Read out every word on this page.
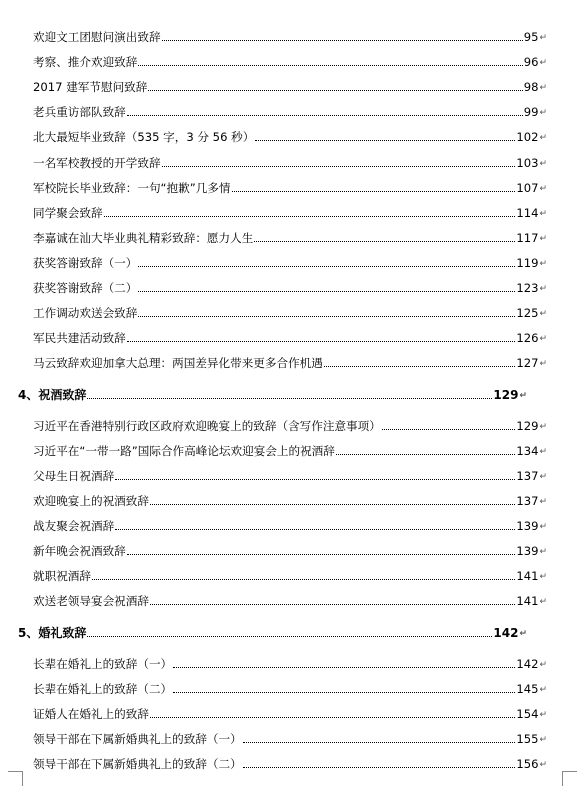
欢迎文工团慰问演出致辞	95 ↵
考察、推介欢迎致辞	96 ↵
2017 建军节慰问致辞	98 ↵
老兵重访部队致辞	99 ↵
北大最短毕业致辞（535 字，3 分 56 秒）	102 ↵
一名军校教授的开学致辞	103 ↵
军校院长毕业致辞：一句“抱歉”几多情	107 ↵
同学聚会致辞	114 ↵
李嘉诚在汕大毕业典礼精彩致辞：愿力人生	117 ↵
获奖答谢致辞（一）	119 ↵
获奖答谢致辞（二）	123 ↵
工作调动欢送会致辞	125 ↵
军民共建活动致辞	126 ↵
马云致辞欢迎加拿大总理：两国差异化带来更多合作机遇	127 ↵
4、祝酒致辞	129 ↵
习近平在香港特别行政区政府欢迎晚宴上的致辞（含写作注意事项）	129 ↵
习近平在“一带一路”国际合作高峰论坛欢迎宴会上的祝酒辞	134 ↵
父母生日祝酒辞	137 ↵
欢迎晚宴上的祝酒致辞	137 ↵
战友聚会祝酒辞	139 ↵
新年晚会祝酒致辞	139 ↵
就职祝酒辞	141 ↵
欢送老领导宴会祝酒辞	141 ↵
5、婚礼致辞	142 ↵
长辈在婚礼上的致辞（一）	142 ↵
长辈在婚礼上的致辞（二）	145 ↵
证婚人在婚礼上的致辞	154 ↵
领导干部在下属新婚典礼上的致辞（一）	155 ↵
领导干部在下属新婚典礼上的致辞（二）	156 ↵
